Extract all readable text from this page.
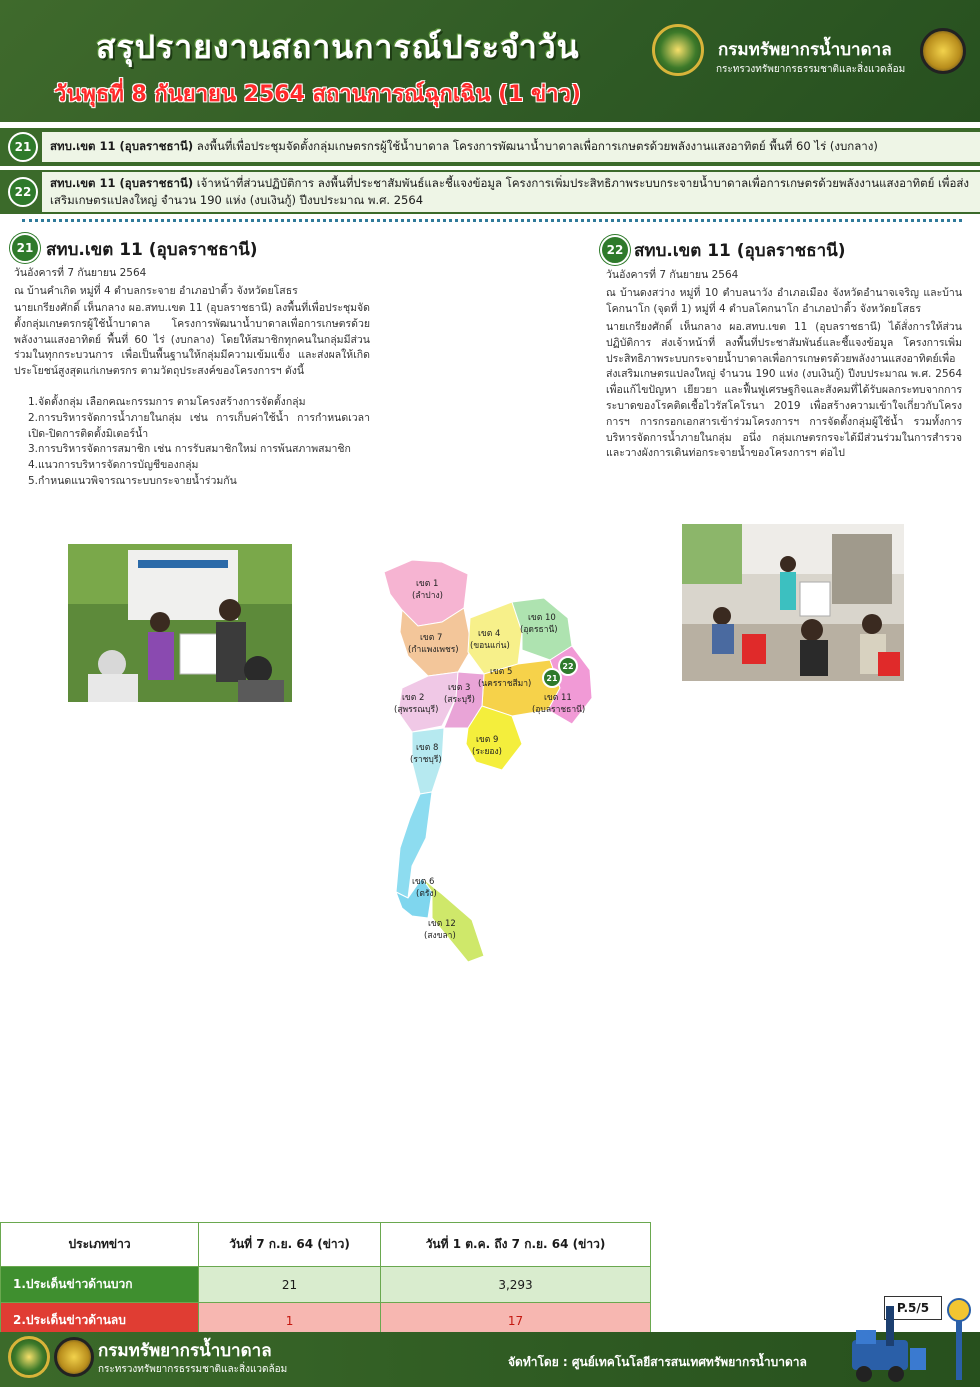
สรุปรายงานสถานการณ์ประจำวัน
วันพุธที่ 8 กันยายน 2564 สถานการณ์ฉุกเฉิน (1 ข่าว)
กรมทรัพยากรน้ำบาดาล
กระทรวงทรัพยากรธรรมชาติและสิ่งแวดล้อม
21	สทบ.เขต 11 (อุบลราชธานี) ลงพื้นที่เพื่อประชุมจัดตั้งกลุ่มเกษตรกรผู้ใช้น้ำบาดาล โครงการพัฒนาน้ำบาดาลเพื่อการเกษตรด้วยพลังงานแสงอาทิตย์ พื้นที่ 60 ไร่ (งบกลาง)
22
สทบ.เขต 11 (อุบลราชธานี) เจ้าหน้าที่ส่วนปฏิบัติการ ลงพื้นที่ประชาสัมพันธ์และชี้แจงข้อมูล โครงการเพิ่มประสิทธิภาพระบบกระจายน้ำบาดาลเพื่อการเกษตรด้วยพลังงานแสงอาทิตย์ เพื่อส่งเสริมเกษตรแปลงใหญ่ จำนวน 190 แห่ง (งบเงินกู้) ปีงบประมาณ พ.ศ. 2564
21 สทบ.เขต 11 (อุบลราชธานี)
วันอังคารที่ 7 กันยายน 2564
ณ บ้านคำเกิด หมู่ที่ 4 ตำบลกระจาย อำเภอป่าติ้ว จังหวัดยโสธร
นายเกรียงศักดิ์ เห็นกลาง ผอ.สทบ.เขต 11 (อุบลราชธานี) ลงพื้นที่เพื่อประชุมจัดตั้งกลุ่มเกษตรกรผู้ใช้น้ำบาดาล โครงการพัฒนาน้ำบาดาลเพื่อการเกษตรด้วยพลังงานแสงอาทิตย์ พื้นที่ 60 ไร่ (งบกลาง) โดยให้สมาชิกทุกคนในกลุ่มมีส่วนร่วมในทุกกระบวนการ เพื่อเป็นพื้นฐานให้กลุ่มมีความเข้มแข็ง และส่งผลให้เกิดประโยชน์สูงสุดแก่เกษตรกร ตามวัตถุประสงค์ของโครงการฯ ดังนี้
1.จัดตั้งกลุ่ม เลือกคณะกรรมการ ตามโครงสร้างการจัดตั้งกลุ่ม
2.การบริหารจัดการน้ำภายในกลุ่ม เช่น การเก็บค่าใช้น้ำ การกำหนดเวลาเปิด-ปิดการติดตั้งมิเตอร์น้ำ
3.การบริหารจัดการสมาชิก เช่น การรับสมาชิกใหม่ การพ้นสภาพสมาชิก
4.แนวการบริหารจัดการบัญชีของกลุ่ม
5.กำหนดแนวพิจารณาระบบกระจายน้ำร่วมกัน
22 สทบ.เขต 11 (อุบลราชธานี)
วันอังคารที่ 7 กันยายน 2564
ณ บ้านดงสว่าง หมู่ที่ 10 ตำบลนาวัง อำเภอเมือง จังหวัดอำนาจเจริญ และบ้านโคกนาโก (จุดที่ 1) หมู่ที่ 4 ตำบลโคกนาโก อำเภอป่าติ้ว จังหวัดยโสธร
นายเกรียงศักดิ์ เห็นกลาง ผอ.สทบ.เขต 11 (อุบลราชธานี) ได้สั่งการให้ส่วนปฏิบัติการ ส่งเจ้าหน้าที่ ลงพื้นที่ประชาสัมพันธ์และชี้แจงข้อมูล โครงการเพิ่มประสิทธิภาพระบบกระจายน้ำบาดาลเพื่อการเกษตรด้วยพลังงานแสงอาทิตย์เพื่อส่งเสริมเกษตรแปลงใหญ่ จำนวน 190 แห่ง (งบเงินกู้) ปีงบประมาณ พ.ศ. 2564 เพื่อแก้ไขปัญหา เยียวยา และฟื้นฟูเศรษฐกิจและสังคมที่ได้รับผลกระทบจากการระบาดของโรคติดเชื้อไวรัสโคโรนา 2019 เพื่อสร้างความเข้าใจเกี่ยวกับโครงการฯ การกรอกเอกสารเข้าร่วมโครงการฯ การจัดตั้งกลุ่มผู้ใช้น้ำ รวมทั้งการบริหารจัดการน้ำภายในกลุ่ม อนึ่ง กลุ่มเกษตรกรจะได้มีส่วนร่วมในการสำรวจและวางผังการเดินท่อกระจายน้ำของโครงการฯ ต่อไป
เขต 1
(ลำปาง)
เขต 7
(กำแพงเพชร)
เขต 4
(ขอนแก่น)
เขต 10
(อุดรธานี)
เขต 5
(นครราชสีมา)
เขต 11
(อุบลราชธานี)
เขต 2
(สุพรรณบุรี)
เขต 3
(สระบุรี)
เขต 9
(ระยอง)
เขต 8
(ราชบุรี)
เขต 6
(ตรัง)
เขต 12
(สงขลา)
22
21
ประเภทข่าว	วันที่ 7 ก.ย. 64 (ข่าว)	วันที่ 1 ต.ค. ถึง 7 ก.ย. 64 (ข่าว)
1.ประเด็นข่าวด้านบวก	21	3,293
2.ประเด็นข่าวด้านลบ	1	17
P.5/5
กรมทรัพยากรน้ำบาดาล
กระทรวงทรัพยากรธรรมชาติและสิ่งแวดล้อม
จัดทำโดย : ศูนย์เทคโนโลยีสารสนเทศทรัพยากรน้ำบาดาล
